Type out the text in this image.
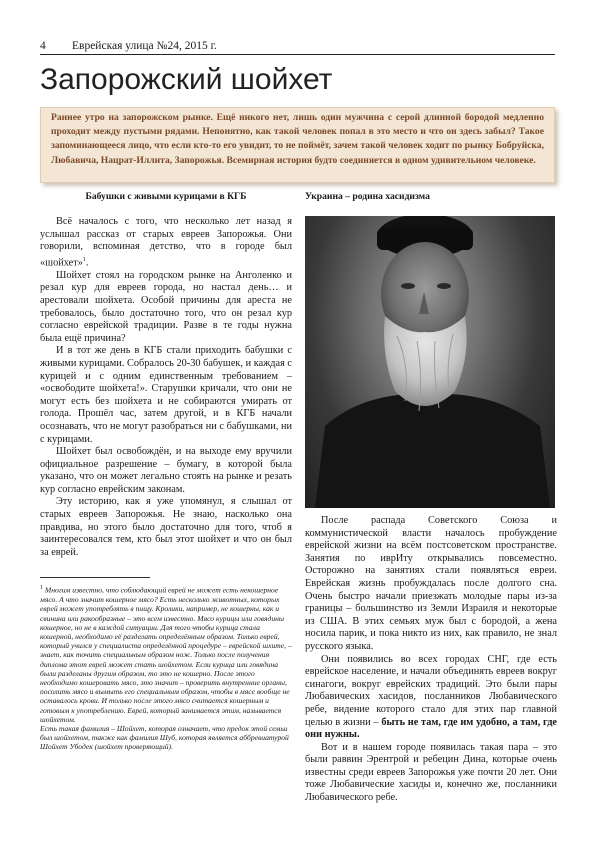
4 Еврейская улица №24, 2015 г.
Запорожский шойхет

Раннее утро на запорожском рынке. Ещё никого нет, лишь один мужчина с серой длинной бородой медленно проходит между пустыми рядами. Непонятно, как такой человек попал в это место и что он здесь забыл? Такое запоминающееся лицо, что если кто-то его увидит, то не поймёт, зачем такой человек ходит по рынку Бобруйска, Любавича, Нацрат-Иллита, Запорожья. Всемирная история будто соединяется в одном удивительном человеке.

Бабушки с живыми курицами в КГБ

Всё началось с того, что несколько лет назад я услышал рассказ от старых евреев Запорожья. Они говорили, вспоминая детство, что в городе был «шойхет»$^1$.

Шойхет стоял на городском рынке на Анголенко и резал кур для евреев города, но настал день… и арестовали шойхета. Особой причины для ареста не требовалось, было достаточно того, что он резал кур согласно еврейской традиции. Разве в те годы нужна была ещё причина?

И в тот же день в КГБ стали приходить бабушки с живыми курицами. Собралось 20-30 бабушек, и каждая с курицей и с одним единственным требованием – «освободите шойхета!». Старушки кричали, что они не могут есть без шойхета и не собираются умирать от голода. Прошёл час, затем другой, и в КГБ начали осознавать, что не могут разобраться ни с бабушками, ни с курицами.

Шойхет был освобождён, и на выходе ему вручили официальное разрешение – бумагу, в которой была указано, что он может легально стоять на рынке и резать кур согласно еврейским законам.

Эту историю, как я уже упомянул, я слышал от старых евреев Запорожья. Не знаю, насколько она правдива, но этого было достаточно для того, чтоб я заинтересовался тем, кто был этот шойхет и что он был за еврей.

$^1$ Многим известно, что соблюдающий еврей не может есть некошерное мясо. А что значит кошерное мясо? Есть несколько животных, которых еврей может употреблять в пищу. Кролики, например, не кошерны, как и свинина или ракообразные – это всем известно. Мясо курицы или говядины кошерное, но не в каждой ситуации. Для того чтобы курица стала кошерной, необходимо её разделать определённым образом. Только еврей, который учился у специалиста определённой процедуре – еврейской шхите, – знает, как точить специальным образом нож. Только после получения диплома этот еврей может стать шойхетом. Если курица или говядина были разделаны другим образом, то это не кошерно. После этого необходимо кошеровать мясо, это значит – проверить внутренние органы, посолить мясо и вымыть его специальным образом, чтобы в мясе вообще не оставалось крови. И только после этого мясо считается кошерным и готовым к употреблению. Еврей, который занимается этим, называется шойхетом.

Есть такая фамилия – Шойхет, которая означает, что предок этой семьи был шойхетом, также как фамилия Шуб, которая является аббревиатурой Шойхет Убодек (шойхет проверяющий).

Украина – родина хасидизма

После распада Советского Союза и коммунистической власти началось пробуждение еврейской жизни на всём постсоветском пространстве. Занятия по иврИту открывались повсеместно. Осторожно на занятиях стали появляться евреи. Еврейская жизнь пробуждалась после долгого сна. Очень быстро начали приезжать молодые пары из-за границы – большинство из Земли Израиля и некоторые из США. В этих семьях муж был с бородой, а жена носила парик, и пока никто из них, как правило, не знал русского языка.

Они появились во всех городах СНГ, где есть еврейское население, и начали объединять евреев вокруг синагоги, вокруг еврейских традиций. Это были пары Любавических хасидов, посланников Любавического ребе, видение которого стало для этих пар главной целью в жизни – быть не там, где им удобно, а там, где они нужны.

Вот и в нашем городе появилась такая пара – это были раввин Эрентрой и ребецин Дина, которые очень известны среди евреев Запорожья уже почти 20 лет. Они тоже Любавические хасиды и, конечно же, посланники Любавического ребе.
